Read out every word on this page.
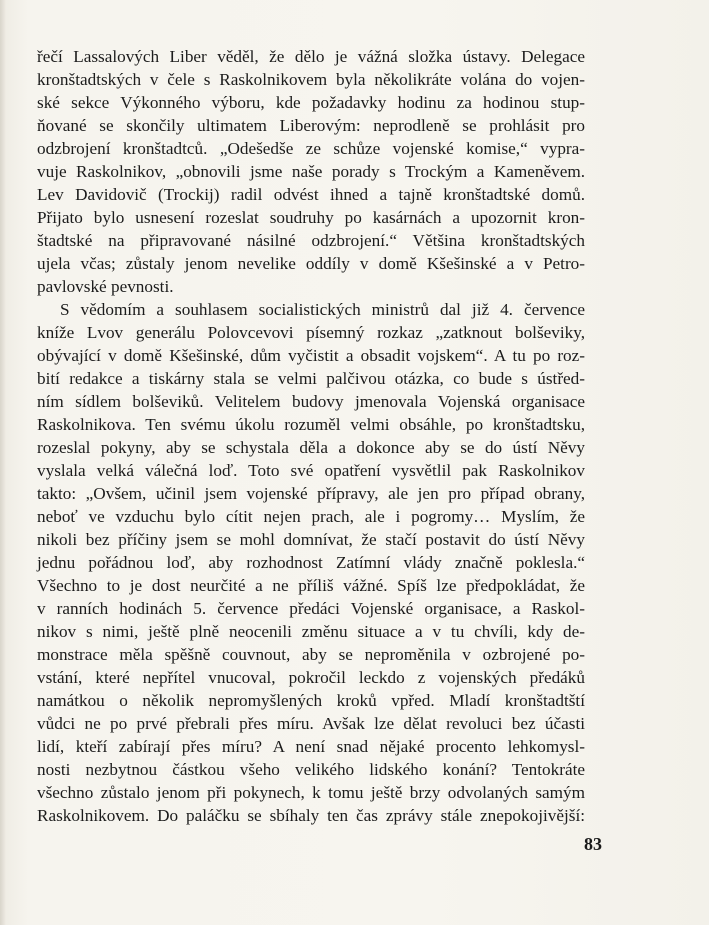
řečí Lassalových Liber věděl, že dělo je vážná složka ústavy. Delegace
kronštadtských v čele s Raskolnikovem byla několikráte volána do vojen-
ské sekce Výkonného výboru, kde požadavky hodinu za hodinou stup-
ňované se skončily ultimatem Liberovým: neprodleně se prohlásit pro
odzbrojení kronštadtců. „Odešedše ze schůze vojenské komise,“ vypra-
vuje Raskolnikov, „obnovili jsme naše porady s Trockým a Kameněvem.
Lev Davidovič (Trockij) radil odvést ihned a tajně kronštadtské domů.
Přijato bylo usnesení rozeslat soudruhy po kasárnách a upozornit kron-
štadtské na připravované násilné odzbrojení.“ Většina kronštadtských
ujela včas; zůstaly jenom nevelike oddíly v domě Kšešinské a v Petro-
pavlovské pevnosti.
S vědomím a souhlasem socialistických ministrů dal již 4. července
kníže Lvov generálu Polovcevovi písemný rozkaz „zatknout bolševiky,
obývající v domě Kšešinské, dům vyčistit a obsadit vojskem“. A tu po roz-
bití redakce a tiskárny stala se velmi palčivou otázka, co bude s ústřed-
ním sídlem bolševiků. Velitelem budovy jmenovala Vojenská organisace
Raskolnikova. Ten svému úkolu rozuměl velmi obsáhle, po kronštadtsku,
rozeslal pokyny, aby se schystala děla a dokonce aby se do ústí Něvy
vyslala velká válečná loď. Toto své opatření vysvětlil pak Raskolnikov
takto: „Ovšem, učinil jsem vojenské přípravy, ale jen pro případ obrany,
neboť ve vzduchu bylo cítit nejen prach, ale i pogromy… Myslím, že
nikoli bez příčiny jsem se mohl domnívat, že stačí postavit do ústí Něvy
jednu pořádnou loď, aby rozhodnost Zatímní vlády značně poklesla.“
Všechno to je dost neurčité a ne příliš vážné. Spíš lze předpokládat, že
v ranních hodinách 5. července předáci Vojenské organisace, a Raskol-
nikov s nimi, ještě plně neocenili změnu situace a v tu chvíli, kdy de-
monstrace měla spěšně couvnout, aby se neproměnila v ozbrojené po-
vstání, které nepřítel vnucoval, pokročil leckdo z vojenských předáků
namátkou o několik nepromyšlených kroků vpřed. Mladí kronštadtští
vůdci ne po prvé přebrali přes míru. Avšak lze dělat revoluci bez účasti
lidí, kteří zabírají přes míru? A není snad nějaké procento lehkomysl-
nosti nezbytnou částkou všeho velikého lidského konání? Tentokráte
všechno zůstalo jenom při pokynech, k tomu ještě brzy odvolaných samým
Raskolnikovem. Do paláčku se sbíhaly ten čas zprávy stále znepokojivější:
83
